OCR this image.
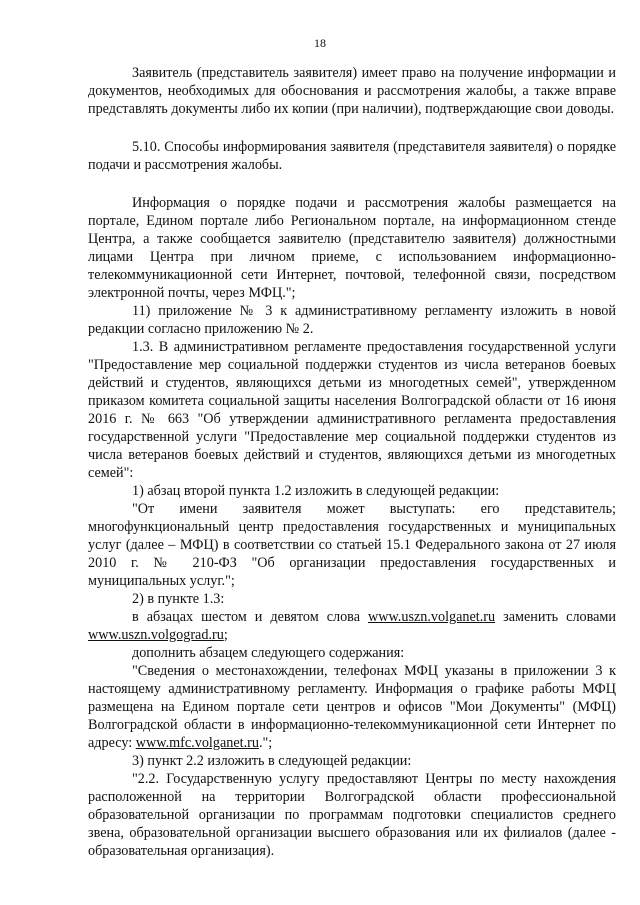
18

Заявитель (представитель заявителя) имеет право на получение информации и документов, необходимых для обоснования и рассмотрения жалобы, а также вправе представлять документы либо их копии (при наличии), подтверждающие свои доводы.

5.10. Способы информирования заявителя (представителя заявителя) о порядке подачи и рассмотрения жалобы.

Информация о порядке подачи и рассмотрения жалобы размещается на портале, Едином портале либо Региональном портале, на информационном стенде Центра, а также сообщается заявителю (представителю заявителя) должностными лицами Центра при личном приеме, с использованием информационно-телекоммуникационной сети Интернет, почтовой, телефонной связи, посредством электронной почты, через МФЦ.";

11) приложение № 3 к административному регламенту изложить в новой редакции согласно приложению № 2.

1.3. В административном регламенте предоставления государственной услуги "Предоставление мер социальной поддержки студентов из числа ветеранов боевых действий и студентов, являющихся детьми из многодетных семей", утвержденном приказом комитета социальной защиты населения Волгоградской области от 16 июня 2016 г. № 663 "Об утверждении административного регламента предоставления государственной услуги "Предоставление мер социальной поддержки студентов из числа ветеранов боевых действий и студентов, являющихся детьми из многодетных семей":

1) абзац второй пункта 1.2 изложить в следующей редакции:

"От имени заявителя может выступать: его представитель; многофункциональный центр предоставления государственных и муниципальных услуг (далее – МФЦ) в соответствии со статьей 15.1 Федерального закона от 27 июля 2010 г. № 210-ФЗ "Об организации предоставления государственных и муниципальных услуг.";

2) в пункте 1.3:

в абзацах шестом и девятом слова www.uszn.volganet.ru заменить словами www.uszn.volgograd.ru;

дополнить абзацем следующего содержания:

"Сведения о местонахождении, телефонах МФЦ указаны в приложении 3 к настоящему административному регламенту. Информация о графике работы МФЦ размещена на Едином портале сети центров и офисов "Мои Документы" (МФЦ) Волгоградской области в информационно-телекоммуникационной сети Интернет по адресу: www.mfc.volganet.ru.";

3) пункт 2.2 изложить в следующей редакции:

"2.2. Государственную услугу предоставляют Центры по месту нахождения расположенной на территории Волгоградской области профессиональной образовательной организации по программам подготовки специалистов среднего звена, образовательной организации высшего образования или их филиалов (далее - образовательная организация).
